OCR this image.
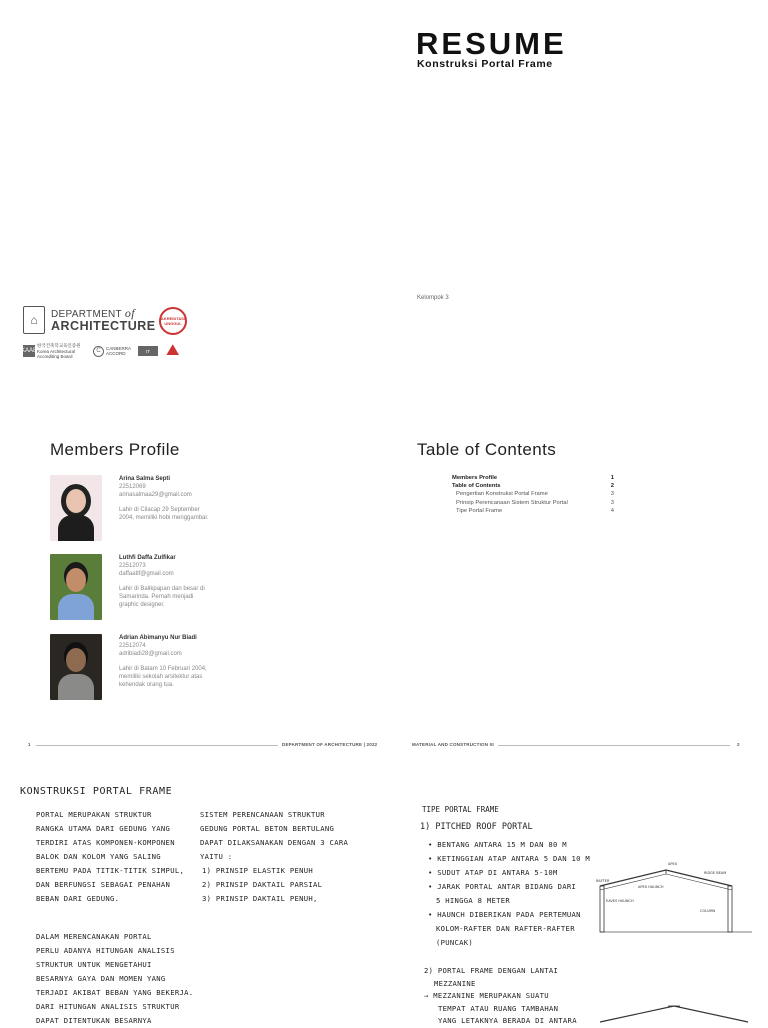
RESUME
Konstruksi Portal Frame
Kelompok 3
⌂	DEPARTMENT of
ARCHITECTURE
AKREDITASI UNGGUL
KAAB
한국건축학교육인증원 Korea Architectural Accrediting Board
C	CANBERRA ACCORD	IT	⛰
Members Profile
Arina Salma Septi
22512069
arinasalmaa29@gmail.com
Lahir di Cilacap 29 September 2004, memiliki hobi menggambar.
Luthfi Daffa Zulfikar
22512073
daffaatlf@gmail.com
Lahir di Balikpapan dan besar di Samarinda. Pernah menjadi graphic designer.
Adrian Abimanyu Nur Biadi
22512074
adribiadi28@gmail.com
Lahir di Batam 10 Februari 2004, memiliki sekolah arsitektur atas kehendak orang tua.
Table of Contents
Members Profile	1
Table of Contents	2
Pengertian Konstruksi Portal Frame	3
Prinsip Perencanaan Sistem Struktur Portal	3
Tipe Portal Frame	4
1	DEPARTMENT OF ARCHITECTURE | 2022	MATERIAL AND CONSTRUCTION III	2
KONSTRUKSI PORTAL FRAME
PORTAL MERUPAKAN STRUKTUR
RANGKA UTAMA DARI GEDUNG YANG
TERDIRI ATAS KOMPONEN-KOMPONEN
BALOK DAN KOLOM YANG SALING
BERTEMU PADA TITIK-TITIK SIMPUL,
DAN BERFUNGSI SEBAGAI PENAHAN
BEBAN DARI GEDUNG.
DALAM MERENCANAKAN PORTAL
PERLU ADANYA HITUNGAN ANALISIS
STRUKTUR UNTUK MENGETAHUI
BESARNYA GAYA DAN MOMEN YANG
TERJADI AKIBAT BEBAN YANG BEKERJA.
DARI HITUNGAN ANALISIS STRUKTUR
DAPAT DITENTUKAN BESARNYA
SISTEM PERENCANAAN STRUKTUR
GEDUNG PORTAL BETON BERTULANG
DAPAT DILAKSANAKAN DENGAN 3 CARA
YAITU :
1) PRINSIP ELASTIK PENUH
2) PRINSIP DAKTAIL PARSIAL
3) PRINSIP DAKTAIL PENUH,
TIPE PORTAL FRAME
1) PITCHED ROOF PORTAL
• BENTANG ANTARA 15 M DAN 80 M
• KETINGGIAN ATAP ANTARA 5 DAN 10 M
• SUDUT ATAP DI ANTARA 5-10M
• JARAK PORTAL ANTAR BIDANG DARI
5 HINGGA 8 METER
• HAUNCH DIBERIKAN PADA PERTEMUAN
KOLOM-RAFTER DAN RAFTER-RAFTER
(PUNCAK)
2) PORTAL FRAME DENGAN LANTAI
MEZZANINE
→ MEZZANINE MERUPAKAN SUATU
TEMPAT ATAU RUANG TAMBAHAN
YANG LETAKNYA BERADA DI ANTARA
RAFTER
APEX
EAVES HAUNCH
APEX HAUNCH
RIDGE BEAM
COLUMN
